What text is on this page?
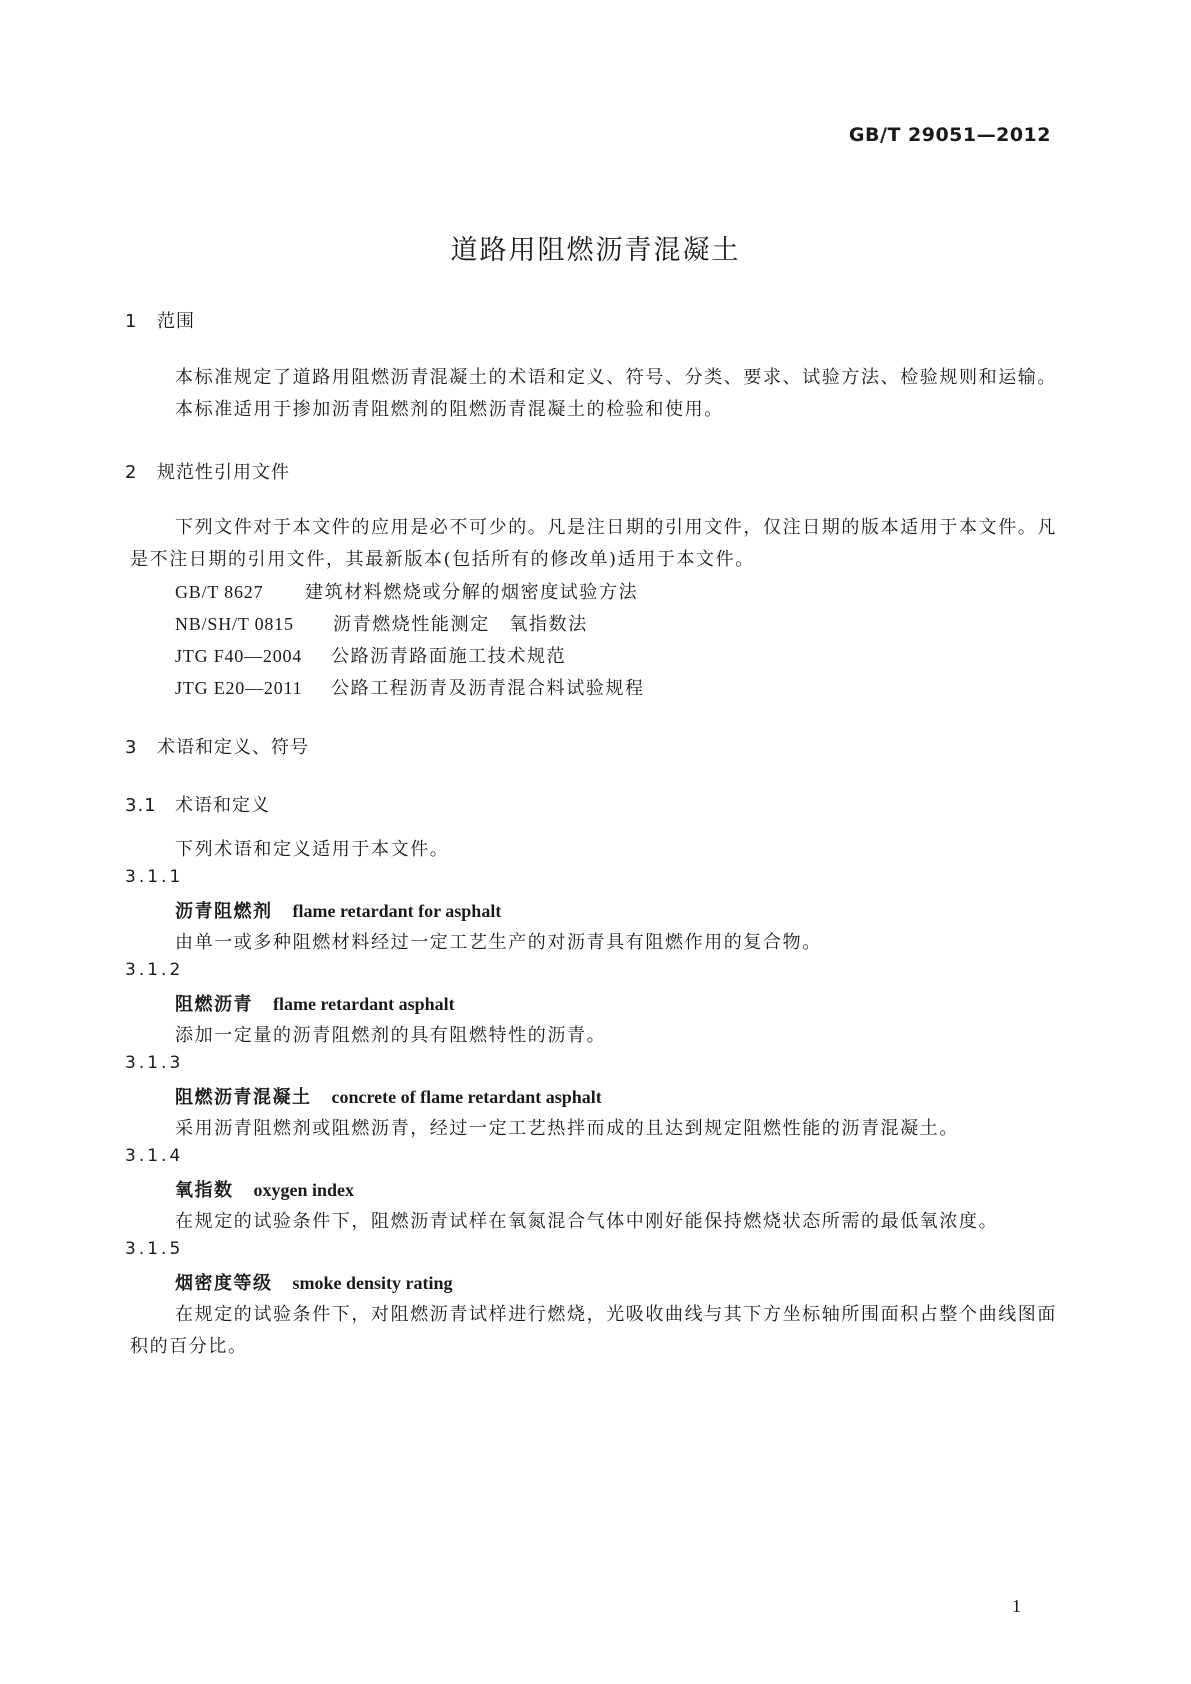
GB/T 29051—2012
道路用阻燃沥青混凝土
1 范围
本标准规定了道路用阻燃沥青混凝土的术语和定义、符号、分类、要求、试验方法、检验规则和运输。
本标准适用于掺加沥青阻燃剂的阻燃沥青混凝土的检验和使用。
2 规范性引用文件
下列文件对于本文件的应用是必不可少的。凡是注日期的引用文件，仅注日期的版本适用于本文件。凡是不注日期的引用文件，其最新版本(包括所有的修改单)适用于本文件。
GB/T 8627 建筑材料燃烧或分解的烟密度试验方法
NB/SH/T 0815 沥青燃烧性能测定　氧指数法
JTG F40—2004 公路沥青路面施工技术规范
JTG E20—2011 公路工程沥青及沥青混合料试验规程
3 术语和定义、符号
3.1 术语和定义
下列术语和定义适用于本文件。
3.1.1
沥青阻燃剂 flame retardant for asphalt
由单一或多种阻燃材料经过一定工艺生产的对沥青具有阻燃作用的复合物。
3.1.2
阻燃沥青 flame retardant asphalt
添加一定量的沥青阻燃剂的具有阻燃特性的沥青。
3.1.3
阻燃沥青混凝土 concrete of flame retardant asphalt
采用沥青阻燃剂或阻燃沥青，经过一定工艺热拌而成的且达到规定阻燃性能的沥青混凝土。
3.1.4
氧指数 oxygen index
在规定的试验条件下，阻燃沥青试样在氧氮混合气体中刚好能保持燃烧状态所需的最低氧浓度。
3.1.5
烟密度等级 smoke density rating
在规定的试验条件下，对阻燃沥青试样进行燃烧，光吸收曲线与其下方坐标轴所围面积占整个曲线图面积的百分比。
1
